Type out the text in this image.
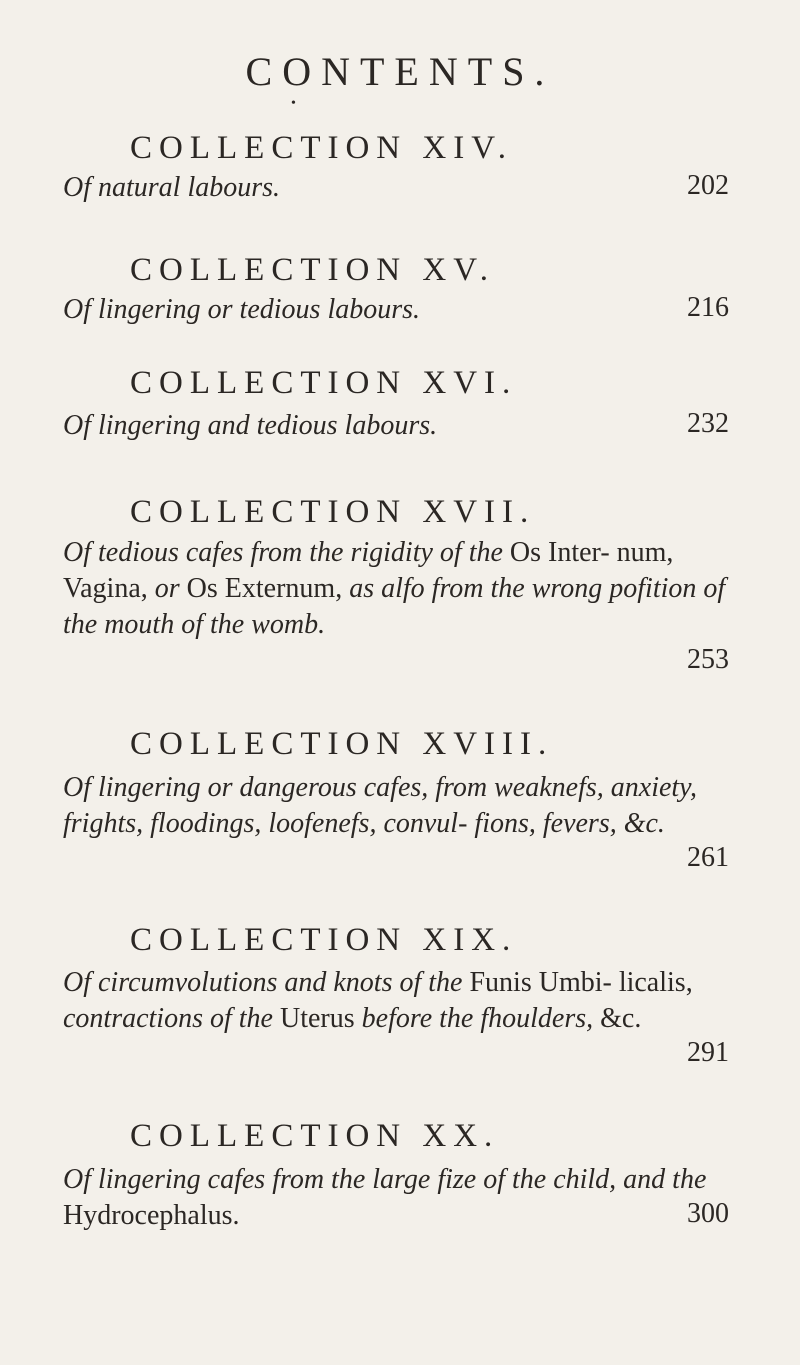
CONTENTS.
•
COLLECTION XIV.
Of natural labours.	202
COLLECTION XV.
Of lingering or tedious labours.	216
COLLECTION XVI.
Of lingering and tedious labours.	232
COLLECTION XVII.
Of tedious cafes from the rigidity of the Os Inter- num, Vagina, or Os Externum, as alfo from the wrong pofition of the mouth of the womb.
253
COLLECTION XVIII.
Of lingering or dangerous cafes, from weaknefs, anxiety, frights, floodings, loofenefs, convul- fions, fevers, &c.
261
COLLECTION XIX.
Of circumvolutions and knots of the Funis Umbi- licalis, contractions of the Uterus before the fhoulders, &c.
291
COLLECTION XX.
Of lingering cafes from the large fize of the child, and the Hydrocephalus.	300
